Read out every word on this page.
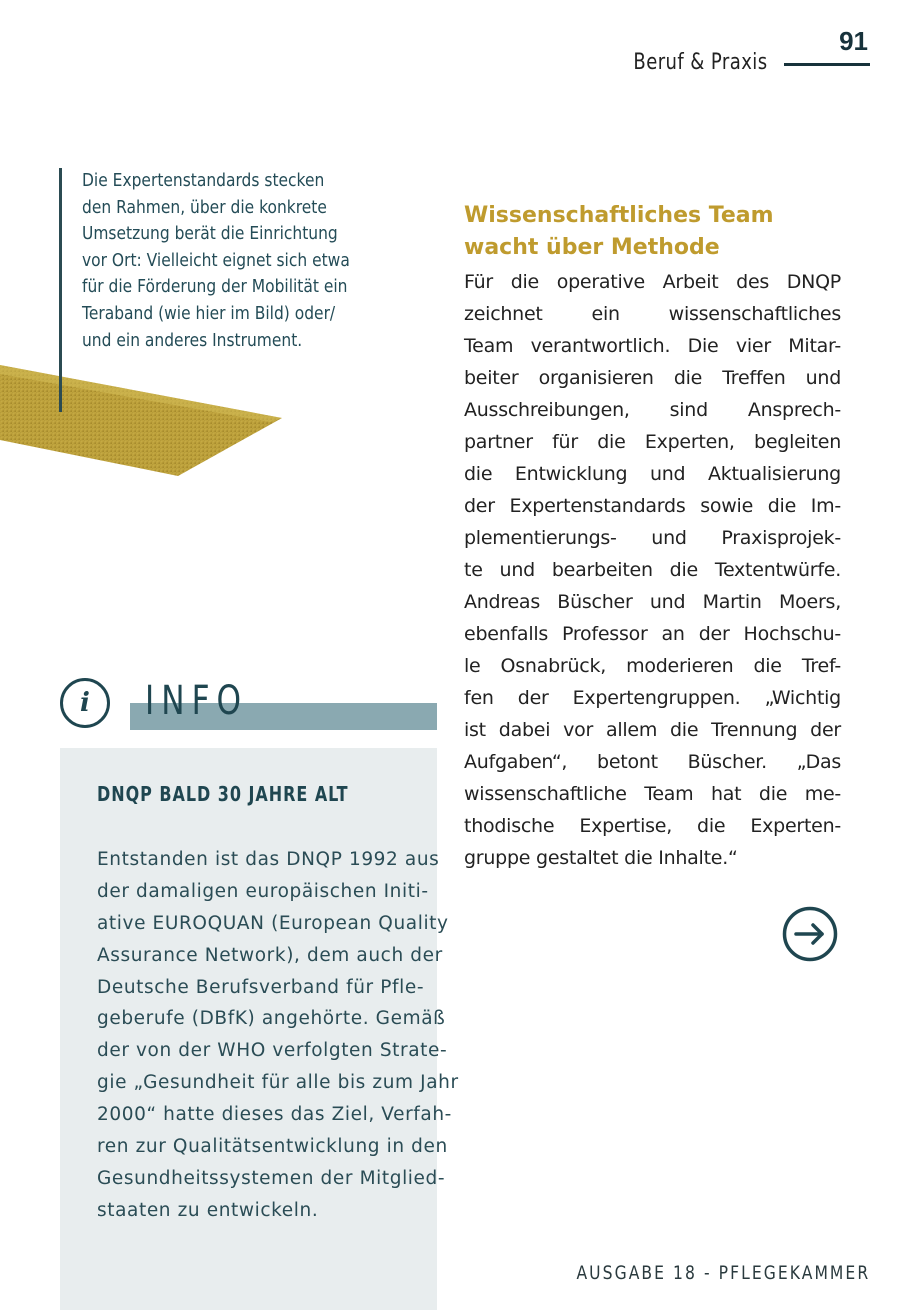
91
Beruf & Praxis
Die Expertenstandards stecken
den Rahmen, über die konkrete
Umsetzung berät die Einrichtung
vor Ort: Vielleicht eignet sich etwa
für die Förderung der Mobilität ein
Teraband (wie hier im Bild) oder/
und ein anderes Instrument.
i	INFO
DNQP BALD 30 JAHRE ALT
Entstanden ist das DNQP 1992 aus
der damaligen europäischen Initi-
ative EUROQUAN (European Quality
Assurance Network), dem auch der
Deutsche Berufsverband für Pfle-
geberufe (DBfK) angehörte. Gemäß
der von der WHO verfolgten Strate-
gie „Gesundheit für alle bis zum Jahr
2000“ hatte dieses das Ziel, Verfah-
ren zur Qualitätsentwicklung in den
Gesundheitssystemen der Mitglied-
staaten zu entwickeln.
Wissenschaftliches Team
wacht über Methode
Für die operative Arbeit des DNQP
zeichnet ein wissenschaftliches
Team verantwortlich. Die vier Mitar-
beiter organisieren die Treffen und
Ausschreibungen, sind Ansprech-
partner für die Experten, begleiten
die Entwicklung und Aktualisierung
der Expertenstandards sowie die Im-
plementierungs- und Praxisprojek-
te und bearbeiten die Textentwürfe.
Andreas Büscher und Martin Moers,
ebenfalls Professor an der Hochschu-
le Osnabrück, moderieren die Tref-
fen der Expertengruppen. „Wichtig
ist dabei vor allem die Trennung der
Aufgaben“, betont Büscher. „Das
wissenschaftliche Team hat die me-
thodische Expertise, die Experten-
gruppe gestaltet die Inhalte.“
AUSGABE 18 - PFLEGEKAMMER
